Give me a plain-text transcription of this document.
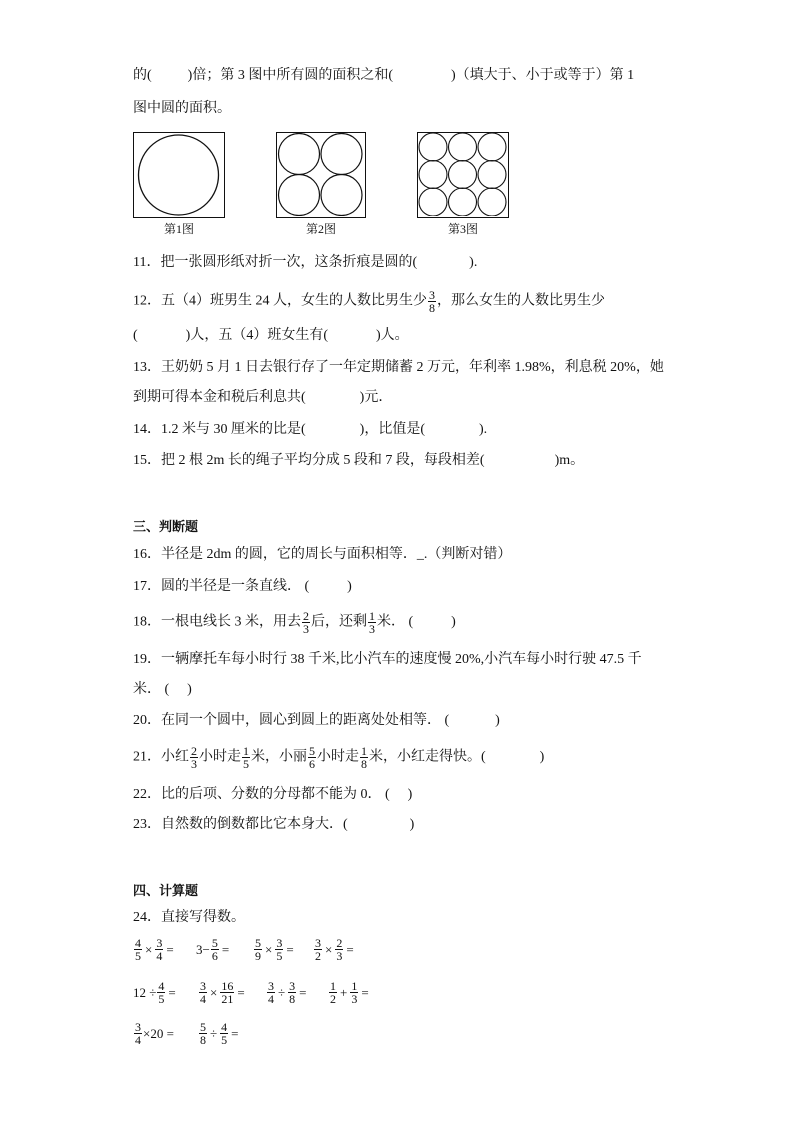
的(	)倍；第 3 图中所有圆的面积之和(	)（填大于、小于或等于）第 1
图中圆的面积。
第1图	第2图	第3图
11．把一张圆形纸对折一次，这条折痕是圆的(	).
12．五（4）班男生 24 人，女生的人数比男生少 $\frac{3}{8}$ ，那么女生的人数比男生少
(	)人，五（4）班女生有(	)人。
13．王奶奶 5 月 1 日去银行存了一年定期储蓄 2 万元，年利率 1.98%，利息税 20%，她
到期可得本金和税后利息共(	)元．
14．1.2 米与 30 厘米的比是(	)，比值是(	).
15．把 2 根 2m 长的绳子平均分成 5 段和 7 段，每段相差(	)m。
三、判断题
16．半径是 2dm 的圆，它的周长与面积相等．_.（判断对错）
17．圆的半径是一条直线． (	)
18．一根电线长 3 米，用去 $\frac{2}{3}$ 后，还剩 $\frac{1}{3}$ 米． (	)
19．一辆摩托车每小时行 38 千米,比小汽车的速度慢 20%,小汽车每小时行驶 47.5 千
米． ( )
20．在同一个圆中，圆心到圆上的距离处处相等． (	)
21．小红 $\frac{2}{3}$ 小时走 $\frac{1}{5}$ 米，小丽 $\frac{5}{6}$ 小时走 $\frac{1}{8}$ 米，小红走得快。(	)
22．比的后项、分数的分母都不能为 0． ( )
23．自然数的倒数都比它本身大．(	)
四、计算题
24．直接写得数。
$\frac{4}{5} \times \frac{3}{4} = 3- \frac{5}{6} = \frac{5}{9} \times \frac{3}{5} = \frac{3}{2} \times \frac{2}{3}$ =
$12 \div \frac{4}{5} = \frac{3}{4} \times \frac{16}{21} = \frac{3}{4} \div \frac{3}{8} = \frac{1}{2} + \frac{1}{3}$ =
$\frac{3}{4} \times 20 = \frac{5}{8} \div \frac{4}{5}$ =
